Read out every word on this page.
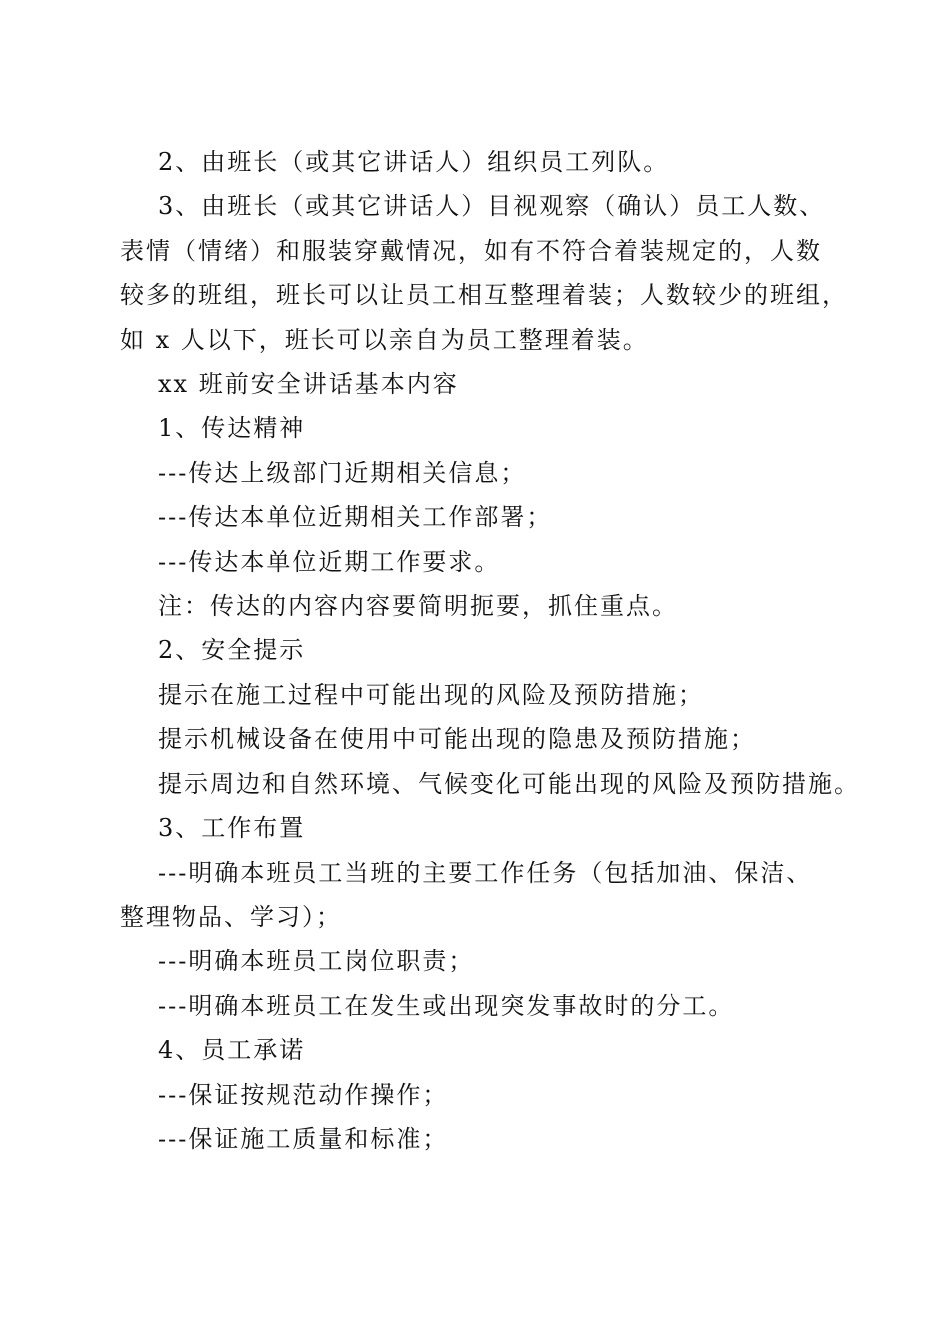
2、由班长（或其它讲话人）组织员工列队。

3、由班长（或其它讲话人）目视观察（确认）员工人数、

表情（情绪）和服装穿戴情况，如有不符合着装规定的，人数

较多的班组，班长可以让员工相互整理着装；人数较少的班组，

如 x 人以下，班长可以亲自为员工整理着装。

xx 班前安全讲话基本内容

1、传达精神

---传达上级部门近期相关信息；

---传达本单位近期相关工作部署；

---传达本单位近期工作要求。

注：传达的内容内容要简明扼要，抓住重点。

2、安全提示

提示在施工过程中可能出现的风险及预防措施；

提示机械设备在使用中可能出现的隐患及预防措施；

提示周边和自然环境、气候变化可能出现的风险及预防措施。

3、工作布置

---明确本班员工当班的主要工作任务（包括加油、保洁、

整理物品、学习）；

---明确本班员工岗位职责；

---明确本班员工在发生或出现突发事故时的分工。

4、员工承诺

---保证按规范动作操作；

---保证施工质量和标准；
